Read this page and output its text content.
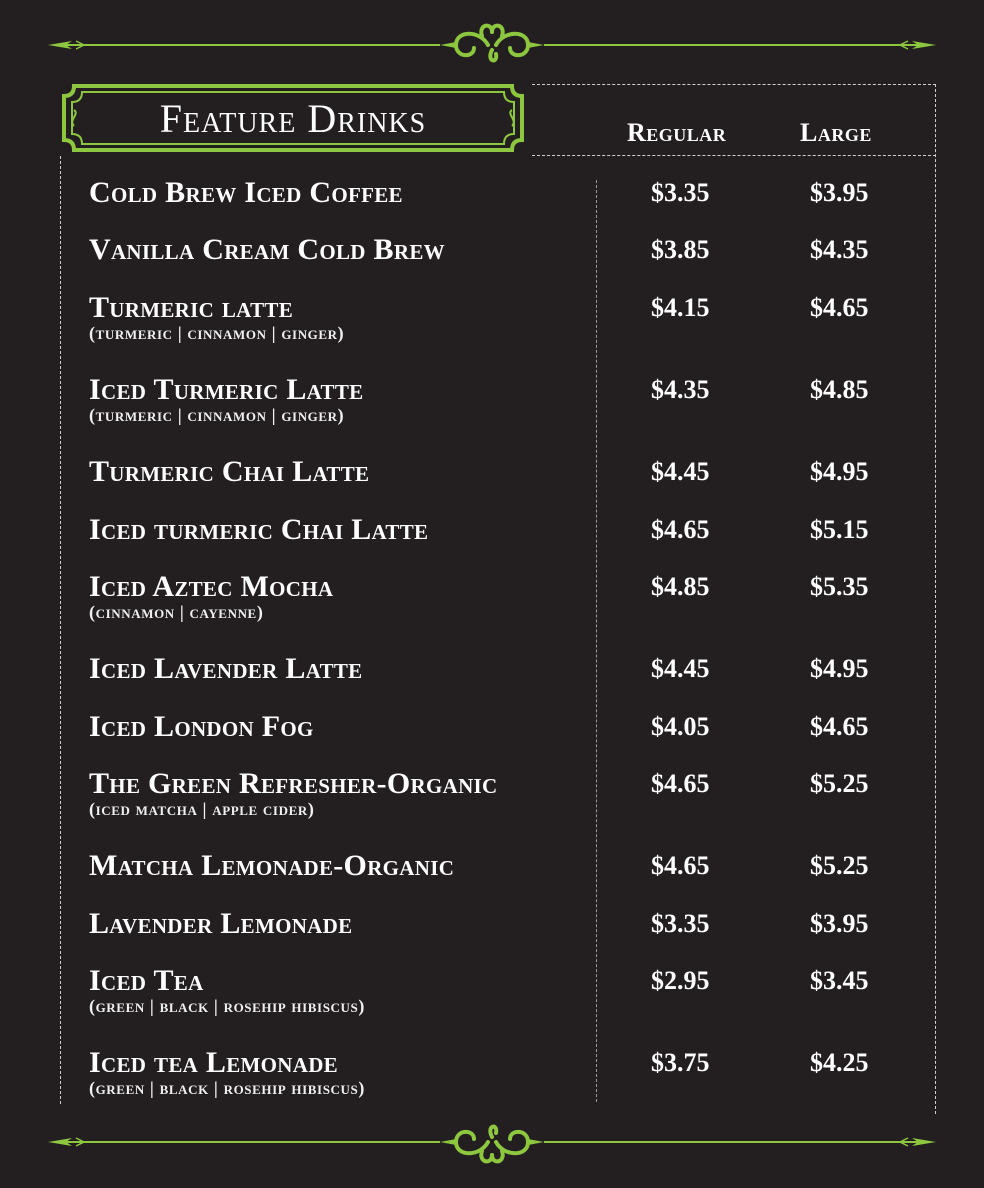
Feature Drinks	Regular	Large
Cold Brew Iced Coffee	$3.35	$3.95
Vanilla Cream Cold Brew	$3.85	$4.35
Turmeric latte
(turmeric | cinnamon | ginger)
$4.15	$4.65
Iced Turmeric Latte
(turmeric | cinnamon | ginger)
$4.35	$4.85
Turmeric Chai Latte	$4.45	$4.95
Iced turmeric Chai Latte	$4.65	$5.15
Iced Aztec Mocha
(cinnamon | cayenne)
$4.85	$5.35
Iced Lavender Latte	$4.45	$4.95
Iced London Fog	$4.05	$4.65
The Green Refresher-Organic
(iced matcha | apple cider)
$4.65	$5.25
Matcha Lemonade-Organic	$4.65	$5.25
Lavender Lemonade	$3.35	$3.95
Iced Tea
(green | black | rosehip hibiscus)
$2.95	$3.45
Iced tea Lemonade
(green | black | rosehip hibiscus)
$3.75	$4.25
